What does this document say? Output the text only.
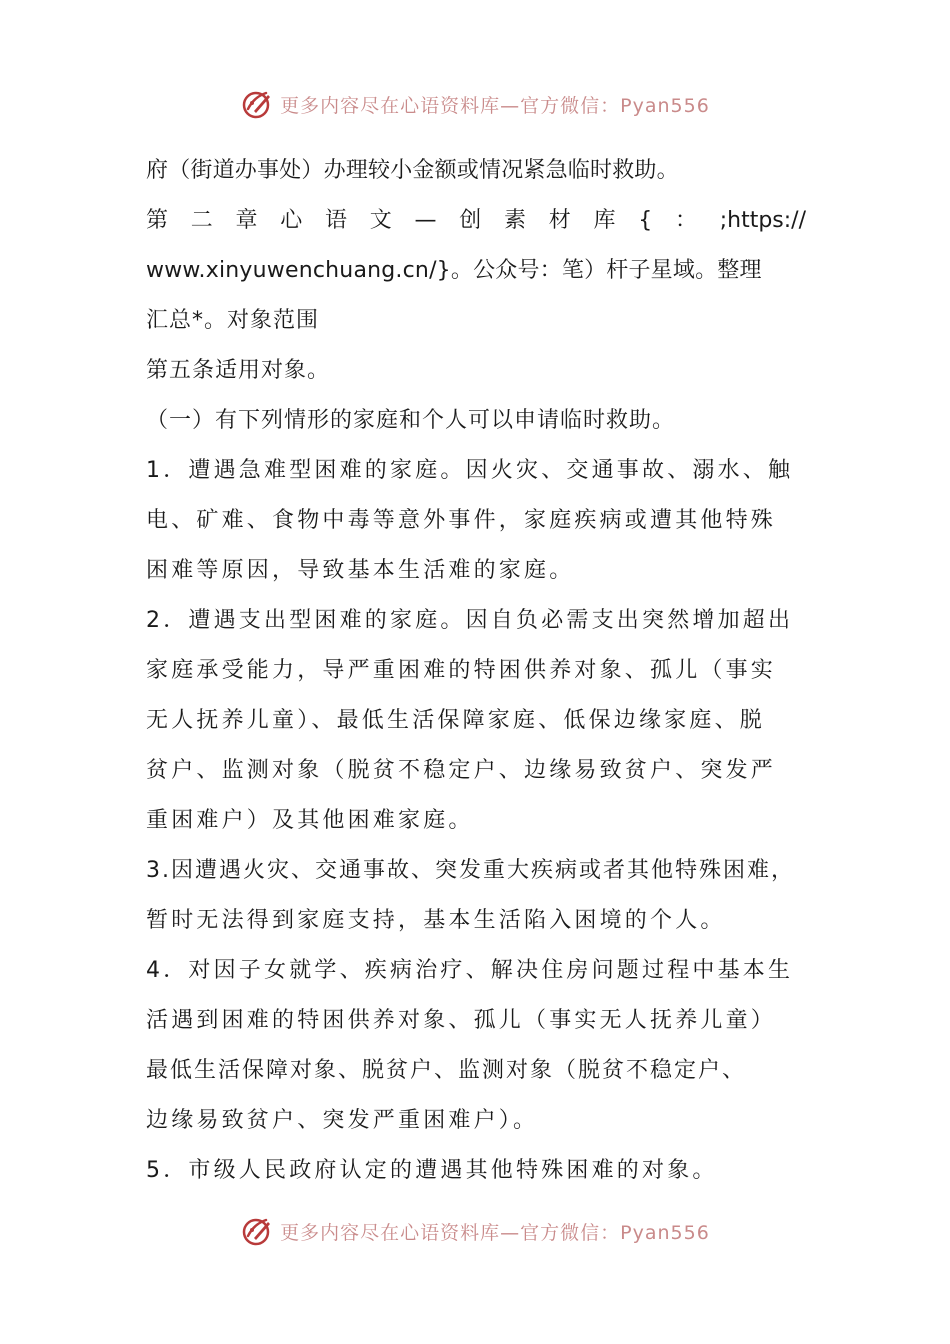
更多内容尽在心语资料库—官方微信：Pyan556
府（街道办事处）办理较小金额或情况紧急临时救助。
第 二 章 心 语 文 — 创 素 材 库 { ： ;https://
www.xinyuwenchuang.cn/}。公众号：笔）杆子星域。整理
汇总*。对象范围
第五条适用对象。
（一）有下列情形的家庭和个人可以申请临时救助。
1．遭遇急难型困难的家庭。因火灾、交通事故、溺水、触
电、矿难、食物中毒等意外事件，家庭疾病或遭其他特殊
困难等原因，导致基本生活难的家庭。
2．遭遇支出型困难的家庭。因自负必需支出突然增加超出
家庭承受能力，导严重困难的特困供养对象、孤儿（事实
无人抚养儿童）、最低生活保障家庭、低保边缘家庭、脱
贫户、监测对象（脱贫不稳定户、边缘易致贫户、突发严
重困难户）及其他困难家庭。
3.因遭遇火灾、交通事故、突发重大疾病或者其他特殊困难，
暂时无法得到家庭支持，基本生活陷入困境的个人。
4．对因子女就学、疾病治疗、解决住房问题过程中基本生
活遇到困难的特困供养对象、孤儿（事实无人抚养儿童）
最低生活保障对象、脱贫户、监测对象（脱贫不稳定户、
边缘易致贫户、突发严重困难户）。
5．市级人民政府认定的遭遇其他特殊困难的对象。
更多内容尽在心语资料库—官方微信：Pyan556
